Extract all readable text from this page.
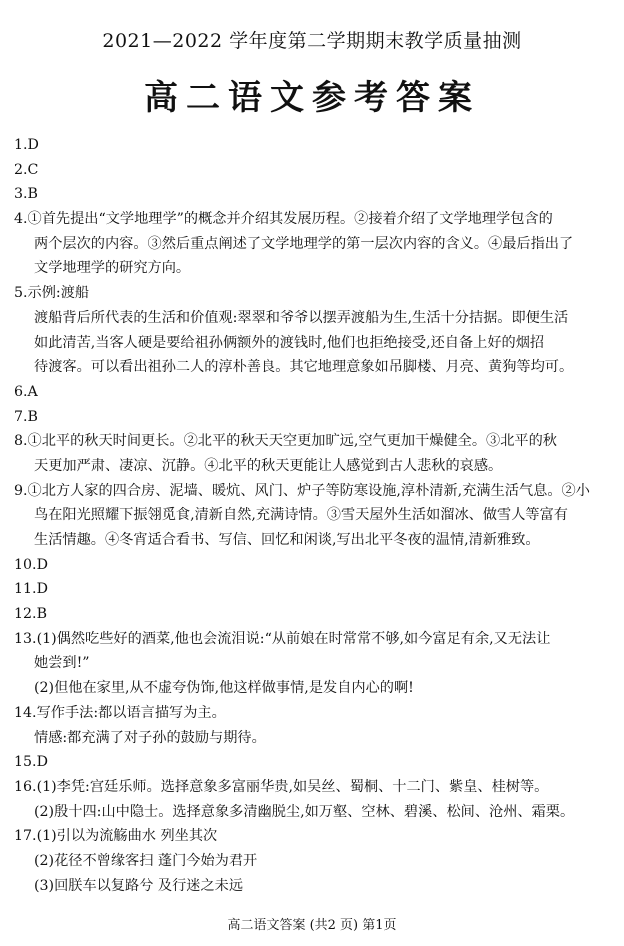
2021—2022 学年度第二学期期末教学质量抽测
高二语文参考答案
1.D
2.C
3.B
4.①首先提出“文学地理学”的概念并介绍其发展历程。②接着介绍了文学地理学包含的
两个层次的内容。③然后重点阐述了文学地理学的第一层次内容的含义。④最后指出了
文学地理学的研究方向。
5.示例:渡船
渡船背后所代表的生活和价值观:翠翠和爷爷以摆弄渡船为生,生活十分拮据。即便生活
如此清苦,当客人硬是要给祖孙俩额外的渡钱时,他们也拒绝接受,还自备上好的烟招
待渡客。可以看出祖孙二人的淳朴善良。其它地理意象如吊脚楼、月亮、黄狗等均可。
6.A
7.B
8.①北平的秋天时间更长。②北平的秋天天空更加旷远,空气更加干燥健全。③北平的秋
天更加严肃、凄凉、沉静。④北平的秋天更能让人感觉到古人悲秋的哀感。
9.①北方人家的四合房、泥墙、暖炕、风门、炉子等防寒设施,淳朴清新,充满生活气息。②小
鸟在阳光照耀下振翎觅食,清新自然,充满诗情。③雪天屋外生活如溜冰、做雪人等富有
生活情趣。④冬宵适合看书、写信、回忆和闲谈,写出北平冬夜的温情,清新雅致。
10.D
11.D
12.B
13.(1)偶然吃些好的酒菜,他也会流泪说:“从前娘在时常常不够,如今富足有余,又无法让
她尝到!”
(2)但他在家里,从不虚夸伪饰,他这样做事情,是发自内心的啊!
14.写作手法:都以语言描写为主。
情感:都充满了对子孙的鼓励与期待。
15.D
16.(1)李凭:宫廷乐师。选择意象多富丽华贵,如吴丝、蜀桐、十二门、紫皇、桂树等。
(2)殷十四:山中隐士。选择意象多清幽脱尘,如万壑、空林、碧溪、松间、沧州、霜栗。
17.(1)引以为流觞曲水 列坐其次
(2)花径不曾缘客扫 蓬门今始为君开
(3)回朕车以复路兮 及行迷之未远
高二语文答案 (共2 页) 第1页
